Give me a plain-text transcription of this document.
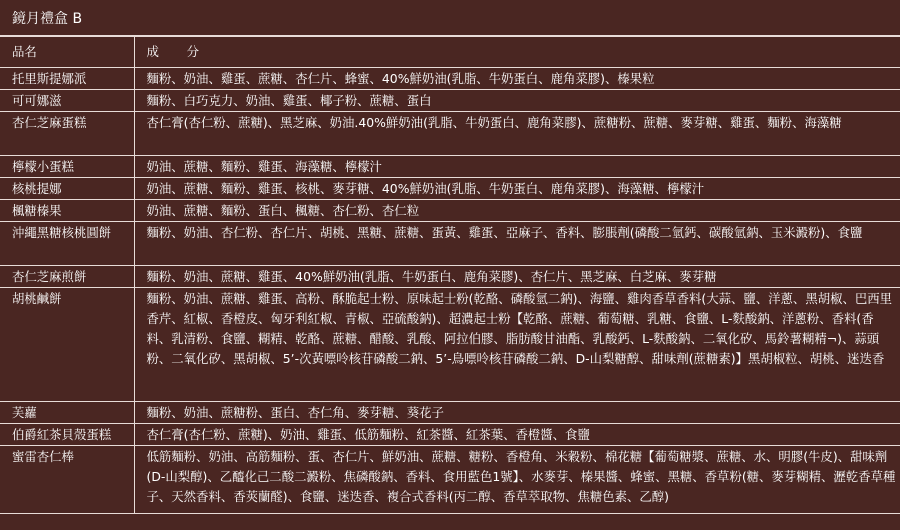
鏡月禮盒 B
品名	成　　分
托里斯提娜派	麵粉、奶油、雞蛋、蔗糖、杏仁片、蜂蜜、40%鮮奶油(乳脂、牛奶蛋白、鹿角菜膠)、榛果粒
可可娜滋	麵粉、白巧克力、奶油、雞蛋、椰子粉、蔗糖、蛋白
杏仁芝麻蛋糕	杏仁膏(杏仁粉、蔗糖)、黑芝麻、奶油.40%鮮奶油(乳脂、牛奶蛋白、鹿角菜膠)、蔗糖粉、蔗糖、麥芽糖、雞蛋、麵粉、海藻糖
檸檬小蛋糕	奶油、蔗糖、麵粉、雞蛋、海藻糖、檸檬汁
核桃提娜	奶油、蔗糖、麵粉、雞蛋、核桃、麥芽糖、40%鮮奶油(乳脂、牛奶蛋白、鹿角菜膠)、海藻糖、檸檬汁
楓糖榛果	奶油、蔗糖、麵粉、蛋白、楓糖、杏仁粉、杏仁粒
沖繩黑糖核桃圓餅	麵粉、奶油、杏仁粉、杏仁片、胡桃、黑糖、蔗糖、蛋黃、雞蛋、亞麻子、香料、膨脹劑(磷酸二氫鈣、碳酸氫鈉、玉米澱粉)、食鹽
杏仁芝麻煎餅	麵粉、奶油、蔗糖、雞蛋、40%鮮奶油(乳脂、牛奶蛋白、鹿角菜膠)、杏仁片、黑芝麻、白芝麻、麥芽糖
胡桃鹹餅	麵粉、奶油、蔗糖、雞蛋、高粉、酥脆起士粉、原味起士粉(乾酪、磷酸氫二鈉)、海鹽、雞肉香草香料(大蒜、鹽、洋蔥、黑胡椒、巴西里香芹、紅椒、香橙皮、匈牙利紅椒、青椒、亞硫酸鈉)、超濃起士粉【乾酪、蔗糖、葡萄糖、乳糖、食鹽、L-麩酸鈉、洋蔥粉、香料(香料、乳清粉、食鹽、糊精、乾酪、蔗糖、醋酸、乳酸、阿拉伯膠、脂肪酸甘油酯、乳酸鈣、L-麩酸鈉、二氧化矽、馬鈴薯糊精¬)、蒜頭粉、二氧化矽、黑胡椒、5’-次黃嘌呤核苷磷酸二鈉、5’-鳥嘌呤核苷磷酸二鈉、D-山梨糖醇、甜味劑(蔗糖素)】黑胡椒粒、胡桃、迷迭香
芙蘿	麵粉、奶油、蔗糖粉、蛋白、杏仁角、麥芽糖、葵花子
伯爵紅茶貝殼蛋糕	杏仁膏(杏仁粉、蔗糖)、奶油、雞蛋、低筋麵粉、紅茶醬、紅茶葉、香橙醬、食鹽
蜜雷杏仁棒	低筋麵粉、奶油、高筋麵粉、蛋、杏仁片、鮮奶油、蔗糖、糖粉、香橙角、米穀粉、棉花糖【葡萄糖漿、蔗糖、水、明膠(牛皮)、甜味劑(D-山梨醇)、乙醯化己二酸二澱粉、焦磷酸鈉、香料、食用藍色1號】、水麥芽、榛果醬、蜂蜜、黑糖、香草粉(糖、麥芽糊精、瀝乾香草種子、天然香料、香莢蘭醛)、食鹽、迷迭香、複合式香料(丙二醇、香草萃取物、焦糖色素、乙醇)
